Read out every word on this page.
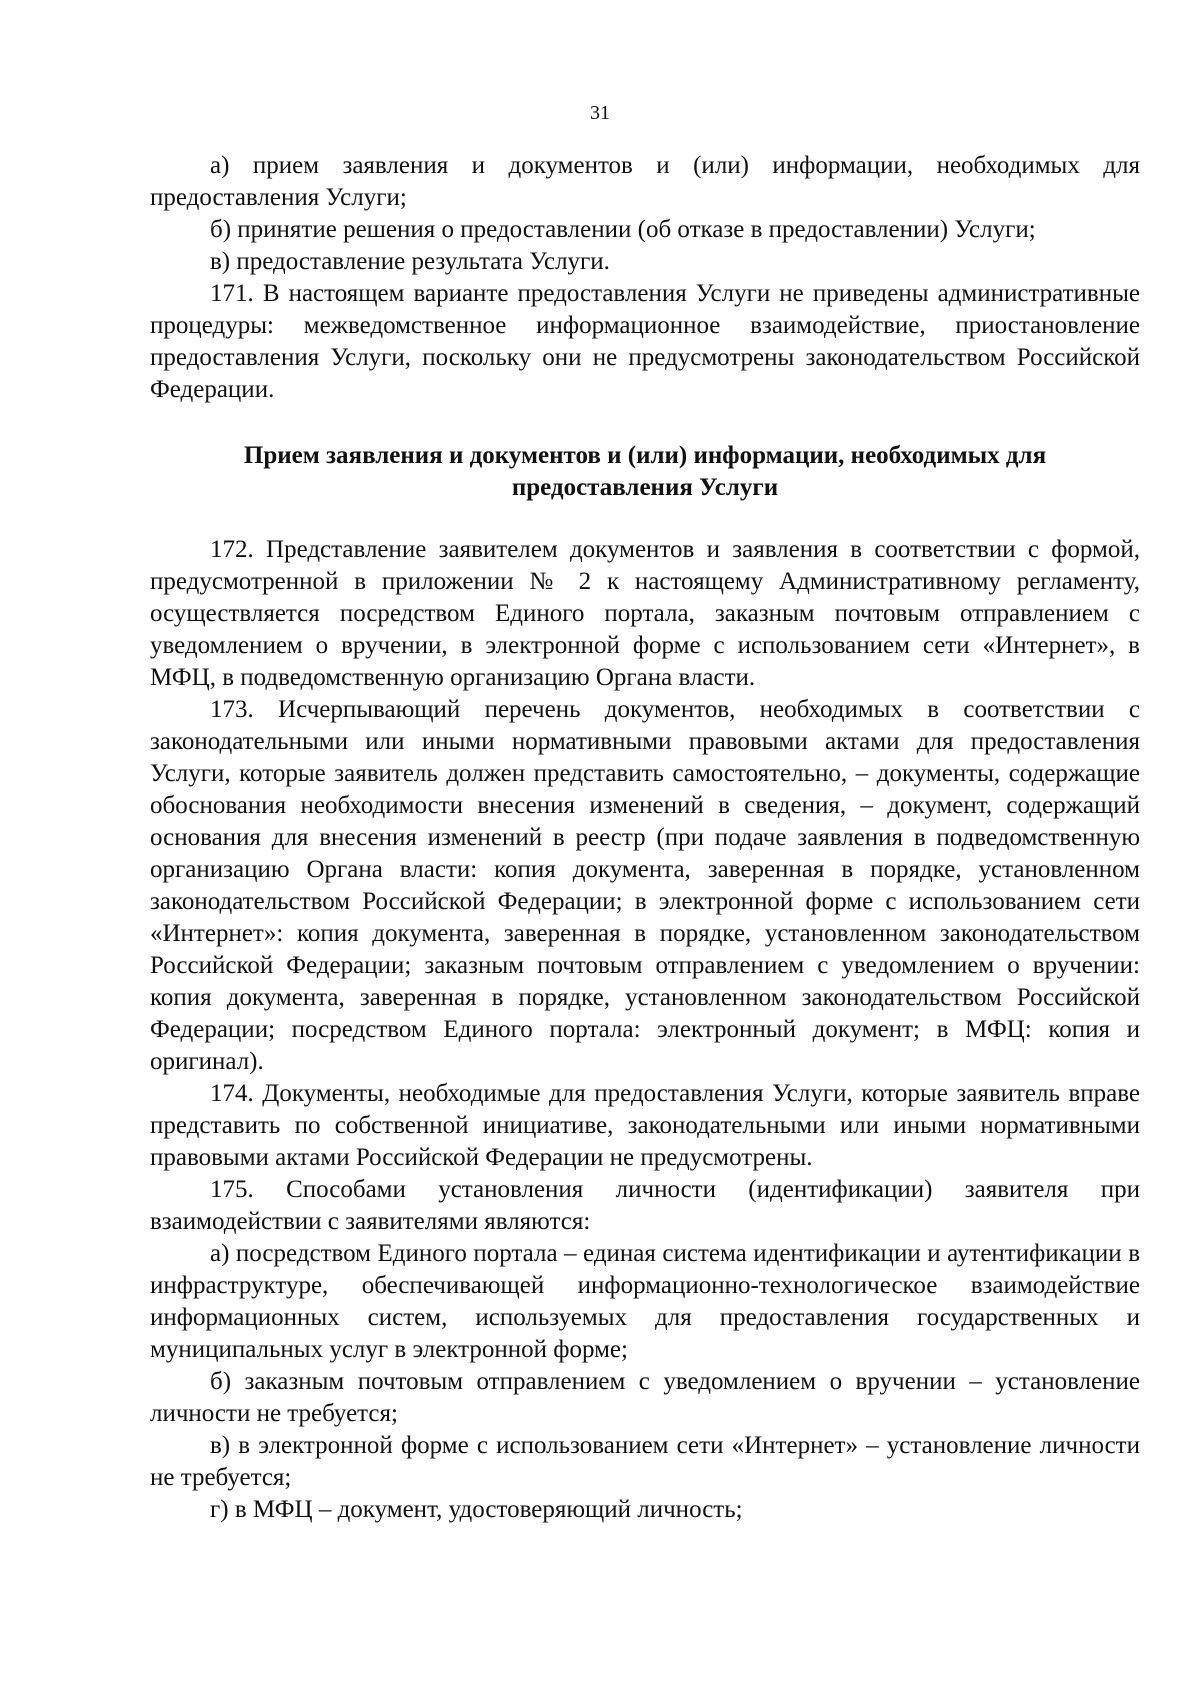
31

а) прием заявления и документов и (или) информации, необходимых для предоставления Услуги;

б) принятие решения о предоставлении (об отказе в предоставлении) Услуги;

в) предоставление результата Услуги.

171. В настоящем варианте предоставления Услуги не приведены административные процедуры: межведомственное информационное взаимодействие, приостановление предоставления Услуги, поскольку они не предусмотрены законодательством Российской Федерации.

Прием заявления и документов и (или) информации, необходимых для предоставления Услуги

172. Представление заявителем документов и заявления в соответствии с формой, предусмотренной в приложении № 2 к настоящему Административному регламенту, осуществляется посредством Единого портала, заказным почтовым отправлением с уведомлением о вручении, в электронной форме с использованием сети «Интернет», в МФЦ, в подведомственную организацию Органа власти.

173. Исчерпывающий перечень документов, необходимых в соответствии с законодательными или иными нормативными правовыми актами для предоставления Услуги, которые заявитель должен представить самостоятельно, – документы, содержащие обоснования необходимости внесения изменений в сведения, – документ, содержащий основания для внесения изменений в реестр (при подаче заявления в подведомственную организацию Органа власти: копия документа, заверенная в порядке, установленном законодательством Российской Федерации; в электронной форме с использованием сети «Интернет»: копия документа, заверенная в порядке, установленном законодательством Российской Федерации; заказным почтовым отправлением с уведомлением о вручении: копия документа, заверенная в порядке, установленном законодательством Российской Федерации; посредством Единого портала: электронный документ; в МФЦ: копия и оригинал).

174. Документы, необходимые для предоставления Услуги, которые заявитель вправе представить по собственной инициативе, законодательными или иными нормативными правовыми актами Российской Федерации не предусмотрены.

175. Способами установления личности (идентификации) заявителя при взаимодействии с заявителями являются:

а) посредством Единого портала – единая система идентификации и аутентификации в инфраструктуре, обеспечивающей информационно-технологическое взаимодействие информационных систем, используемых для предоставления государственных и муниципальных услуг в электронной форме;

б) заказным почтовым отправлением с уведомлением о вручении – установление личности не требуется;

в) в электронной форме с использованием сети «Интернет» – установление личности не требуется;

г) в МФЦ – документ, удостоверяющий личность;
